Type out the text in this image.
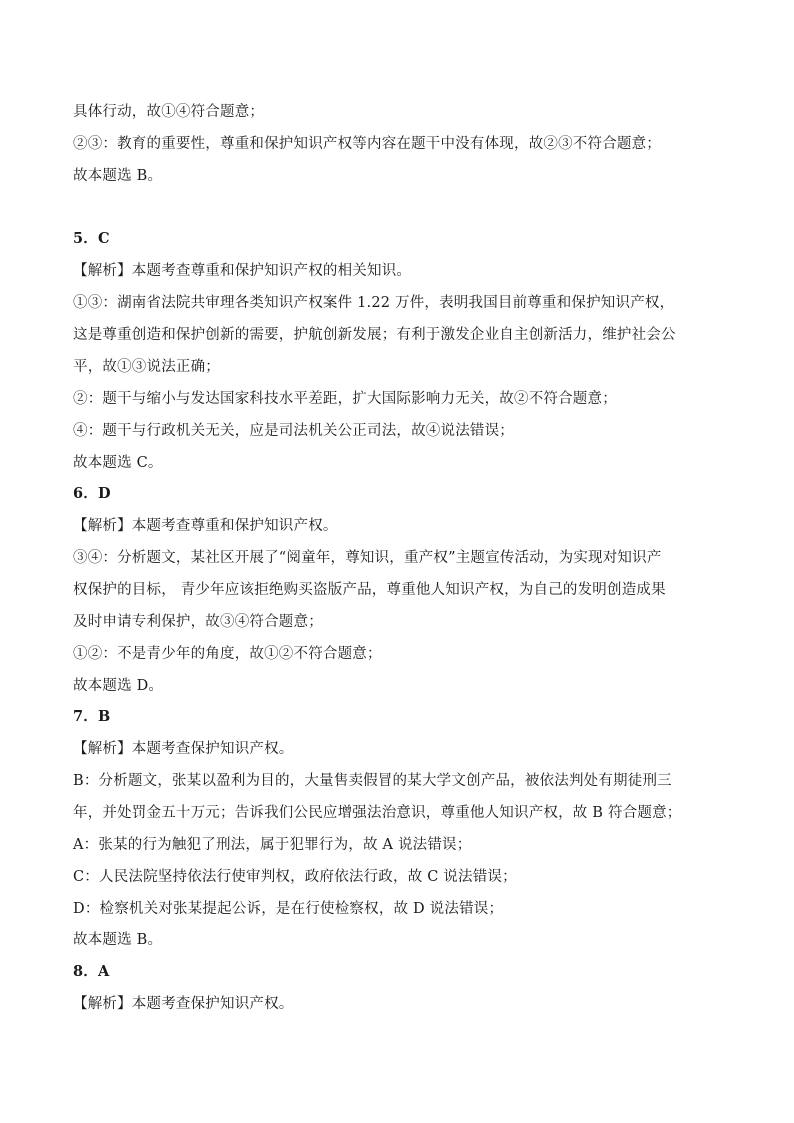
具体行动，故①④符合题意；
②③：教育的重要性，尊重和保护知识产权等内容在题干中没有体现，故②③不符合题意；
故本题选 B。
5．C
【解析】本题考查尊重和保护知识产权的相关知识。
①③：湖南省法院共审理各类知识产权案件 1.22 万件，表明我国目前尊重和保护知识产权，
这是尊重创造和保护创新的需要，护航创新发展；有利于激发企业自主创新活力，维护社会公
平，故①③说法正确；
②：题干与缩小与发达国家科技水平差距，扩大国际影响力无关，故②不符合题意；
④：题干与行政机关无关，应是司法机关公正司法，故④说法错误；
故本题选 C。
6．D
【解析】本题考查尊重和保护知识产权。
③④：分析题文，某社区开展了“阅童年，尊知识，重产权”主题宣传活动，为实现对知识产
权保护的目标， 青少年应该拒绝购买盗版产品，尊重他人知识产权，为自己的发明创造成果
及时申请专利保护，故③④符合题意；
①②：不是青少年的角度，故①②不符合题意；
故本题选 D。
7．B
【解析】本题考查保护知识产权。
B：分析题文，张某以盈利为目的，大量售卖假冒的某大学文创产品，被依法判处有期徒刑三
年，并处罚金五十万元；告诉我们公民应增强法治意识，尊重他人知识产权，故 B 符合题意；
A：张某的行为触犯了刑法，属于犯罪行为，故 A 说法错误；
C：人民法院坚持依法行使审判权，政府依法行政，故 C 说法错误；
D：检察机关对张某提起公诉，是在行使检察权，故 D 说法错误；
故本题选 B。
8．A
【解析】本题考查保护知识产权。
